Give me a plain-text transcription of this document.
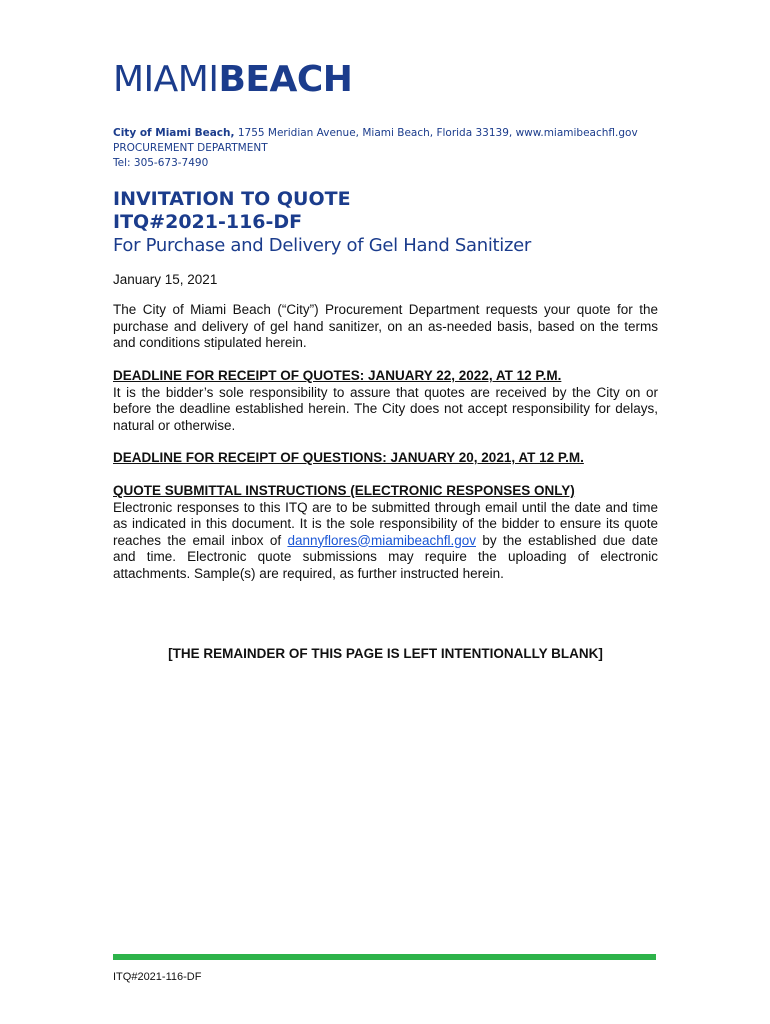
MIAMIBEACH
City of Miami Beach, 1755 Meridian Avenue, Miami Beach, Florida 33139, www.miamibeachfl.gov
PROCUREMENT DEPARTMENT
Tel: 305-673-7490
INVITATION TO QUOTE
ITQ#2021-116-DF
For Purchase and Delivery of Gel Hand Sanitizer
January 15, 2021
The City of Miami Beach (“City”) Procurement Department requests your quote for the purchase and delivery of gel hand sanitizer, on an as-needed basis, based on the terms and conditions stipulated herein.
DEADLINE FOR RECEIPT OF QUOTES: JANUARY 22, 2022, AT 12 P.M.
It is the bidder’s sole responsibility to assure that quotes are received by the City on or before the deadline established herein. The City does not accept responsibility for delays, natural or otherwise.
DEADLINE FOR RECEIPT OF QUESTIONS: JANUARY 20, 2021, AT 12 P.M.
QUOTE SUBMITTAL INSTRUCTIONS (ELECTRONIC RESPONSES ONLY)
Electronic responses to this ITQ are to be submitted through email until the date and time as indicated in this document. It is the sole responsibility of the bidder to ensure its quote reaches the email inbox of dannyflores@miamibeachfl.gov by the established due date and time. Electronic quote submissions may require the uploading of electronic attachments. Sample(s) are required, as further instructed herein.
[THE REMAINDER OF THIS PAGE IS LEFT INTENTIONALLY BLANK]
ITQ#2021-116-DF
